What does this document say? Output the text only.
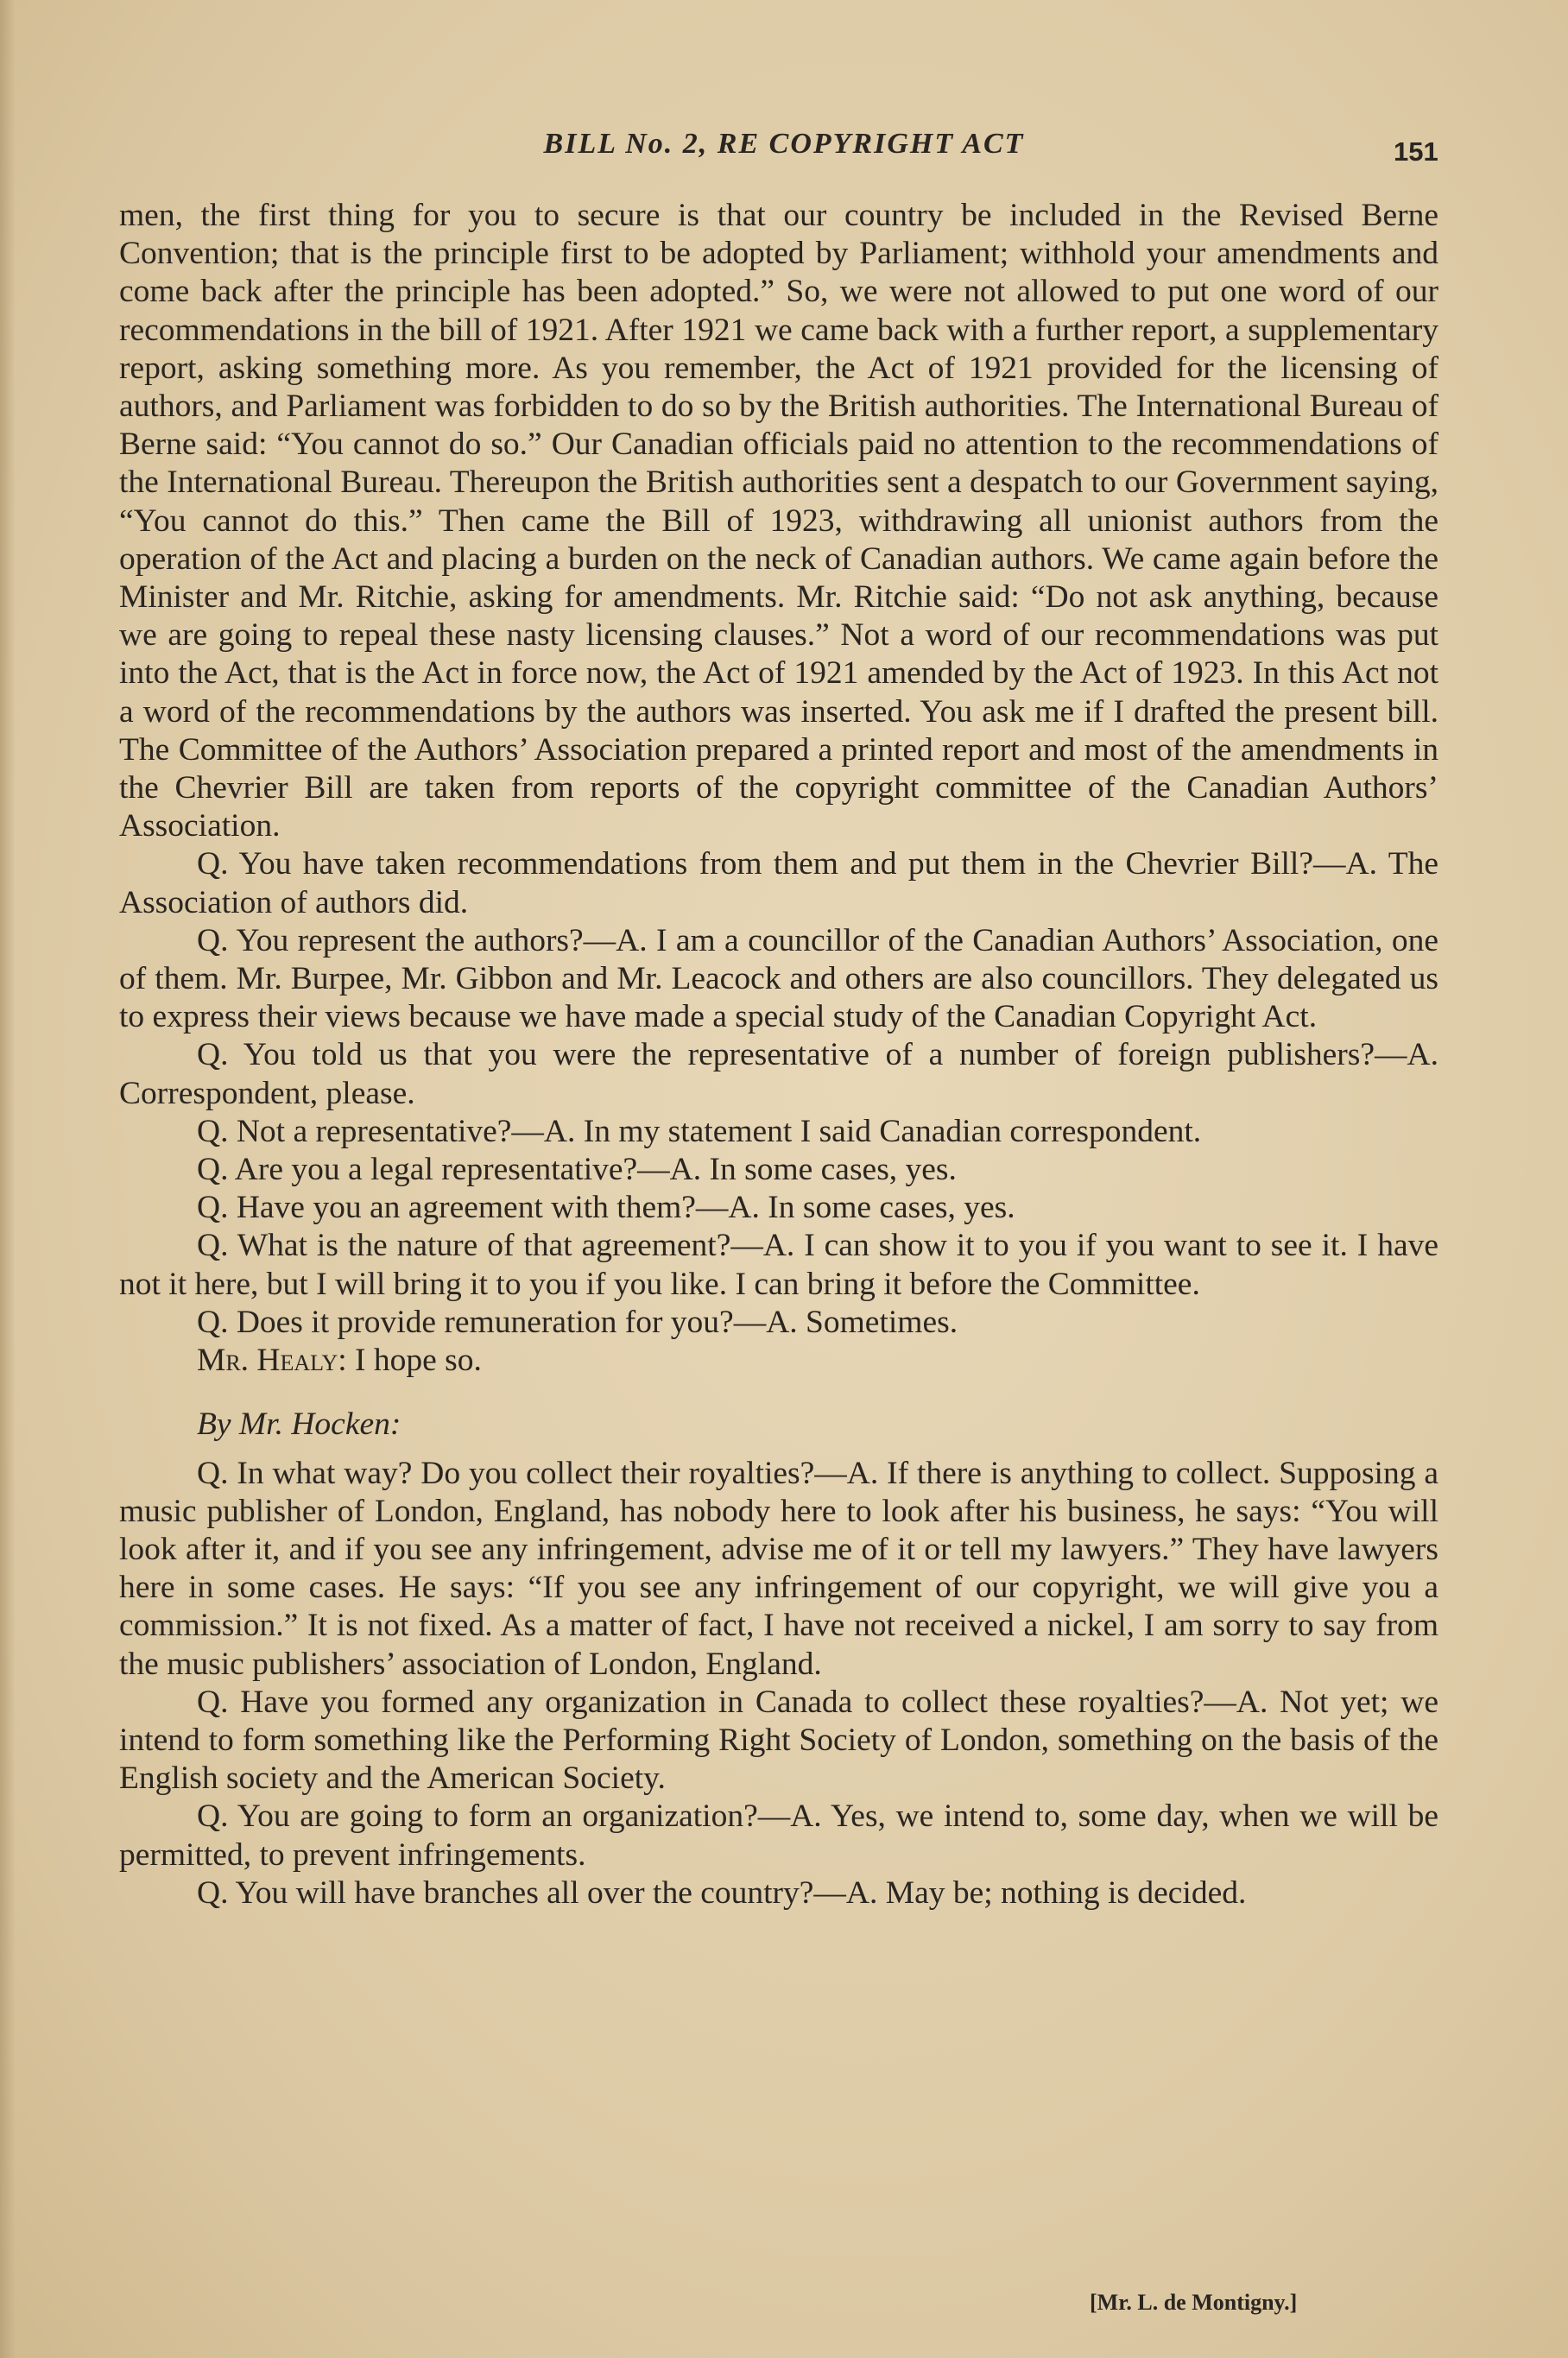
BILL No. 2, RE COPYRIGHT ACT	151

men, the first thing for you to secure is that our country be included in the Revised Berne Convention; that is the principle first to be adopted by Parliament; withhold your amendments and come back after the principle has been adopted.” So, we were not allowed to put one word of our recommendations in the bill of 1921. After 1921 we came back with a further report, a supplementary report, asking something more. As you remember, the Act of 1921 provided for the licensing of authors, and Parliament was forbidden to do so by the British authorities. The International Bureau of Berne said: “You cannot do so.” Our Canadian officials paid no attention to the recommendations of the International Bureau. Thereupon the British authorities sent a despatch to our Government saying, “You cannot do this.” Then came the Bill of 1923, withdrawing all unionist authors from the operation of the Act and placing a burden on the neck of Canadian authors. We came again before the Minister and Mr. Ritchie, asking for amendments. Mr. Ritchie said: “Do not ask anything, because we are going to repeal these nasty licensing clauses.” Not a word of our recommendations was put into the Act, that is the Act in force now, the Act of 1921 amended by the Act of 1923. In this Act not a word of the recommendations by the authors was inserted. You ask me if I drafted the present bill. The Committee of the Authors’ Association prepared a printed report and most of the amendments in the Chevrier Bill are taken from reports of the copyright committee of the Canadian Authors’ Association.

Q. You have taken recommendations from them and put them in the Chevrier Bill?—A. The Association of authors did.

Q. You represent the authors?—A. I am a councillor of the Canadian Authors’ Association, one of them. Mr. Burpee, Mr. Gibbon and Mr. Leacock and others are also councillors. They delegated us to express their views because we have made a special study of the Canadian Copyright Act.

Q. You told us that you were the representative of a number of foreign publishers?—A. Correspondent, please.

Q. Not a representative?—A. In my statement I said Canadian correspondent.

Q. Are you a legal representative?—A. In some cases, yes.

Q. Have you an agreement with them?—A. In some cases, yes.

Q. What is the nature of that agreement?—A. I can show it to you if you want to see it. I have not it here, but I will bring it to you if you like. I can bring it before the Committee.

Q. Does it provide remuneration for you?—A. Sometimes.

Mr. Healy: I hope so.

By Mr. Hocken:

Q. In what way? Do you collect their royalties?—A. If there is anything to collect. Supposing a music publisher of London, England, has nobody here to look after his business, he says: “You will look after it, and if you see any infringement, advise me of it or tell my lawyers.” They have lawyers here in some cases. He says: “If you see any infringement of our copyright, we will give you a commission.” It is not fixed. As a matter of fact, I have not received a nickel, I am sorry to say from the music publishers’ association of London, England.

Q. Have you formed any organization in Canada to collect these royalties?—A. Not yet; we intend to form something like the Performing Right Society of London, something on the basis of the English society and the American Society.

Q. You are going to form an organization?—A. Yes, we intend to, some day, when we will be permitted, to prevent infringements.

Q. You will have branches all over the country?—A. May be; nothing is decided.

[Mr. L. de Montigny.]
